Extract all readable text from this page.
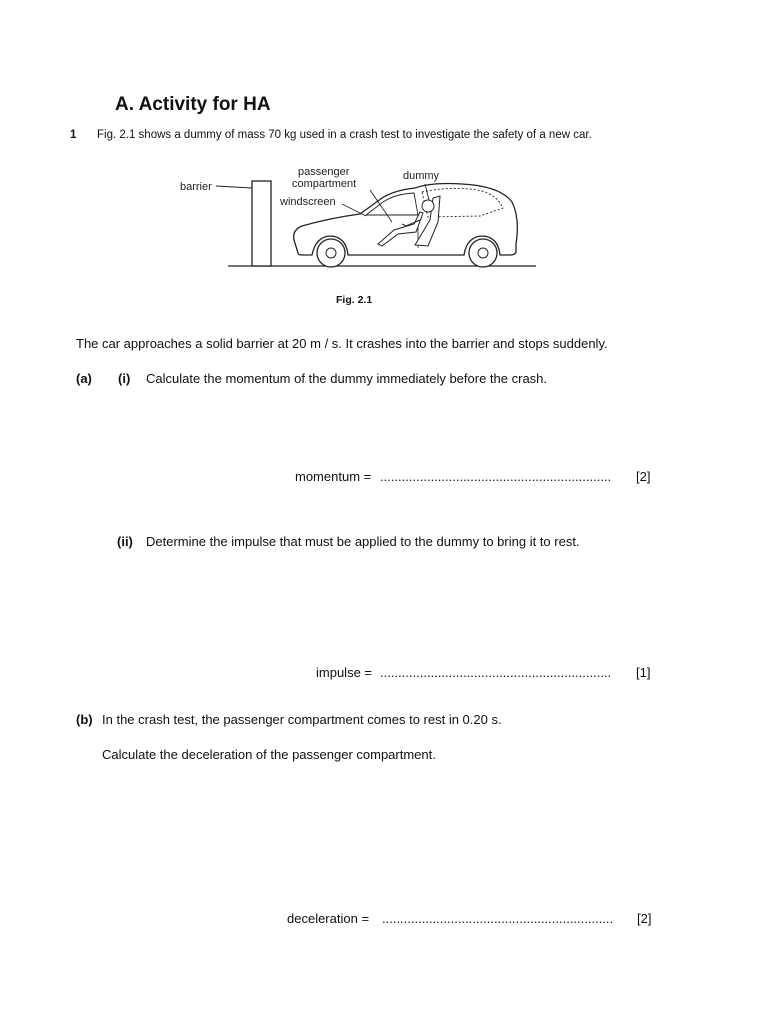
A. Activity for HA
1 Fig. 2.1 shows a dummy of mass 70 kg used in a crash test to investigate the safety of a new car.
barrier
passenger
compartment
dummy
windscreen
Fig. 2.1
The car approaches a solid barrier at 20 m / s. It crashes into the barrier and stops suddenly.
(a) (i) Calculate the momentum of the dummy immediately before the crash.
momentum = ................................................................ [2]
(ii) Determine the impulse that must be applied to the dummy to bring it to rest.
impulse = ................................................................ [1]
(b) In the crash test, the passenger compartment comes to rest in 0.20 s.
Calculate the deceleration of the passenger compartment.
deceleration = ................................................................ [2]
